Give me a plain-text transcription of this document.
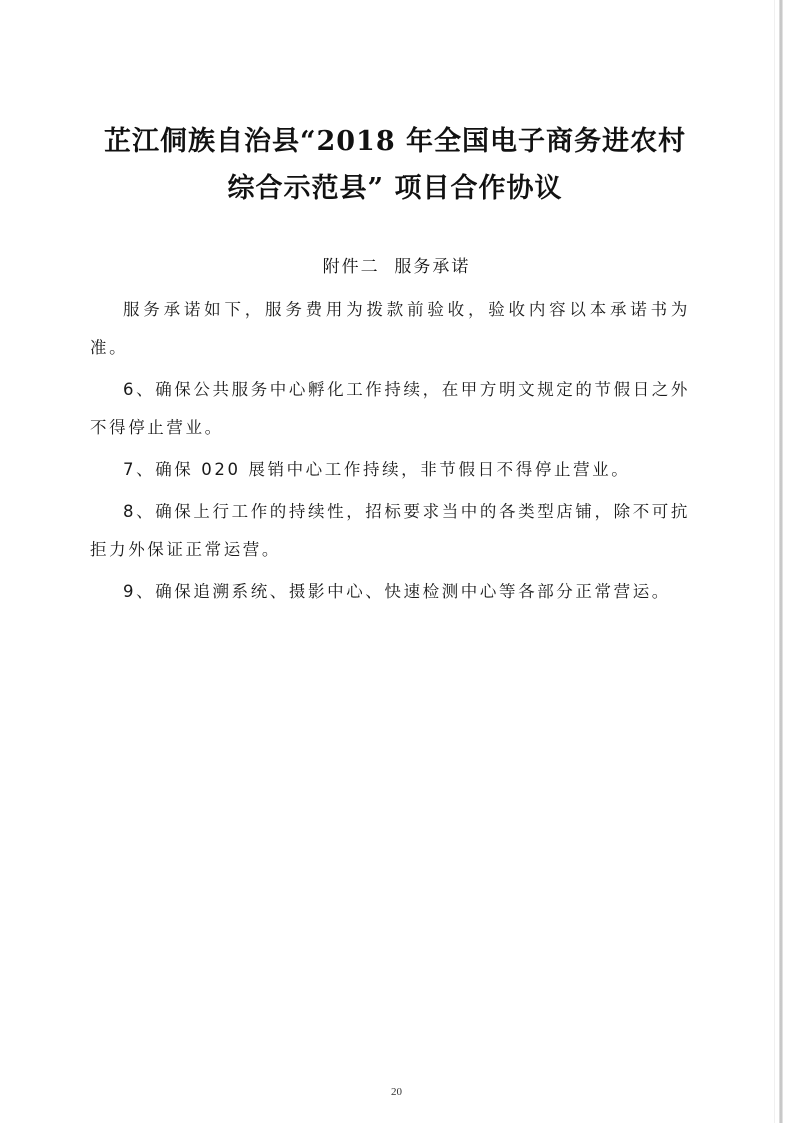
芷江侗族自治县“2018 年全国电子商务进农村
综合示范县” 项目合作协议
附件二  服务承诺

服务承诺如下，服务费用为拨款前验收，验收内容以本承诺书为准。

6、确保公共服务中心孵化工作持续，在甲方明文规定的节假日之外不得停止营业。

7、确保 020 展销中心工作持续，非节假日不得停止营业。

8、确保上行工作的持续性，招标要求当中的各类型店铺，除不可抗拒力外保证正常运营。

9、确保追溯系统、摄影中心、快速检测中心等各部分正常营运。

20
